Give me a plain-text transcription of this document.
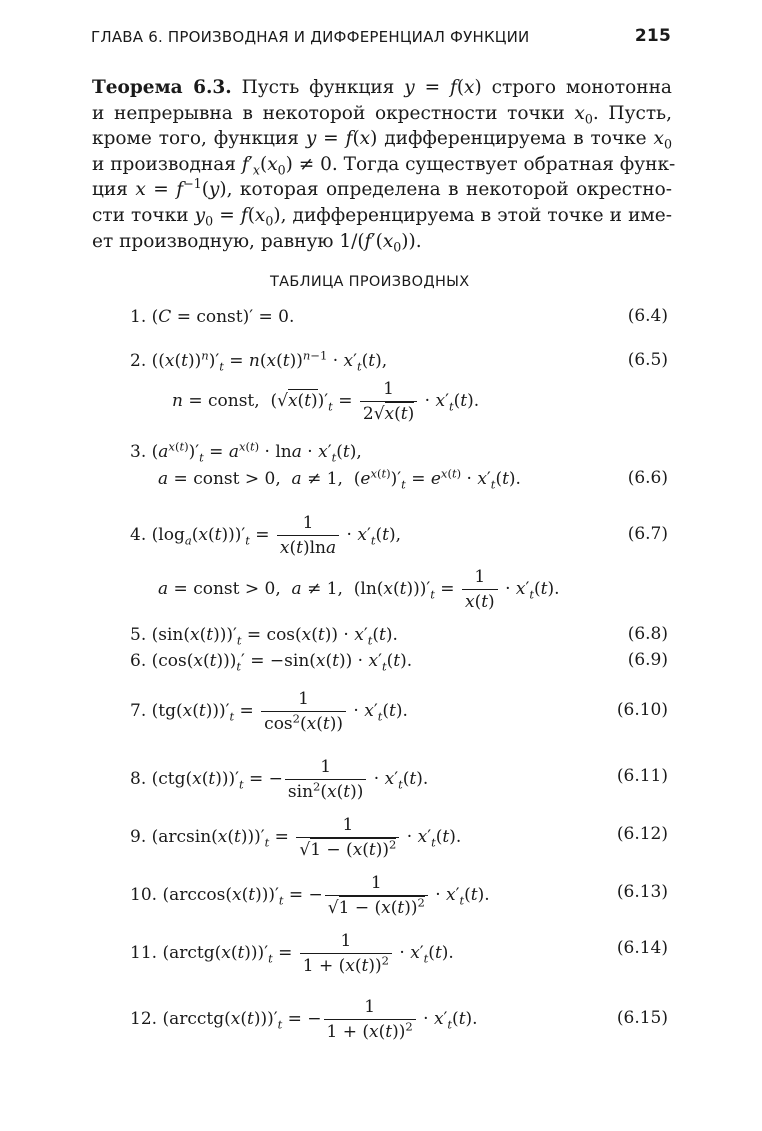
ГЛАВА 6. ПРОИЗВОДНАЯ И ДИФФЕРЕНЦИАЛ ФУНКЦИИ	215
Теорема 6.3. Пусть функция y = f(x) строго монотонна
и непрерывна в некоторой окрестности точки $x_0$. Пусть,
кроме того, функция y = f(x) дифференцируема в точке $x_0$
и производная $f'_x(x_0) \ne 0$. Тогда существует обратная функ-
ция $x = f^{-1}(y)$, которая определена в некоторой окрестно-
сти точки $y_0 = f(x_0)$, дифференцируема в этой точке и име-
ет производную, равную $1/(f'(x_0))$.
ТАБЛИЦА ПРОИЗВОДНЫХ
1. (C = const)′ = 0.	(6.4)
2. $((x(t))^n)'_t = n(x(t))^{n-1} \cdot x'_t(t)$,	(6.5)
n = const,  $(√x(t))'_t = \frac{1}{2√x(t)} \cdot x'_t(t)$.
3. $(a^{x(t)})'_t = a^{x(t)} \cdot \ln a \cdot x'_t(t)$,
a = const > 0,  a ≠ 1,  $(e^{x(t)})'_t = e^{x(t)} \cdot x'_t(t)$.	(6.6)
4. $(\log_a(x(t)))'_t = \frac{1}{x(t)\ln a} \cdot x'_t(t)$,	(6.7)
a = const > 0,  a ≠ 1,  $(\ln(x(t)))'_t = \frac{1}{x(t)} \cdot x'_t(t)$.
5. $(\sin(x(t)))'_t = \cos(x(t)) \cdot x'_t(t)$.	(6.8)
6. $(\cos(x(t)))_t' = -\sin(x(t)) \cdot x'_t(t)$.	(6.9)
7. $(tg(x(t)))'_t = \frac{1}{\cos^2(x(t))} \cdot x'_t(t)$.	(6.10)
8. $(ctg(x(t)))'_t$ = − $\frac{1}{\sin^2(x(t))} \cdot x'_t(t)$.	(6.11)
9. $(\arcsin(x(t)))'_t = \frac{1}{√1 - (x(t))^2} \cdot x'_t(t)$.	(6.12)
10. $(\arccos(x(t)))'_t$ = − $\frac{1}{√1 - (x(t))^2} \cdot x'_t(t)$.	(6.13)
11. $(arctg(x(t)))'_t = \frac{1}{1 + (x(t))^2} \cdot x'_t(t)$.	(6.14)
12. $(arcctg(x(t)))'_t$ = − $\frac{1}{1 + (x(t))^2} \cdot x'_t(t)$.	(6.15)
